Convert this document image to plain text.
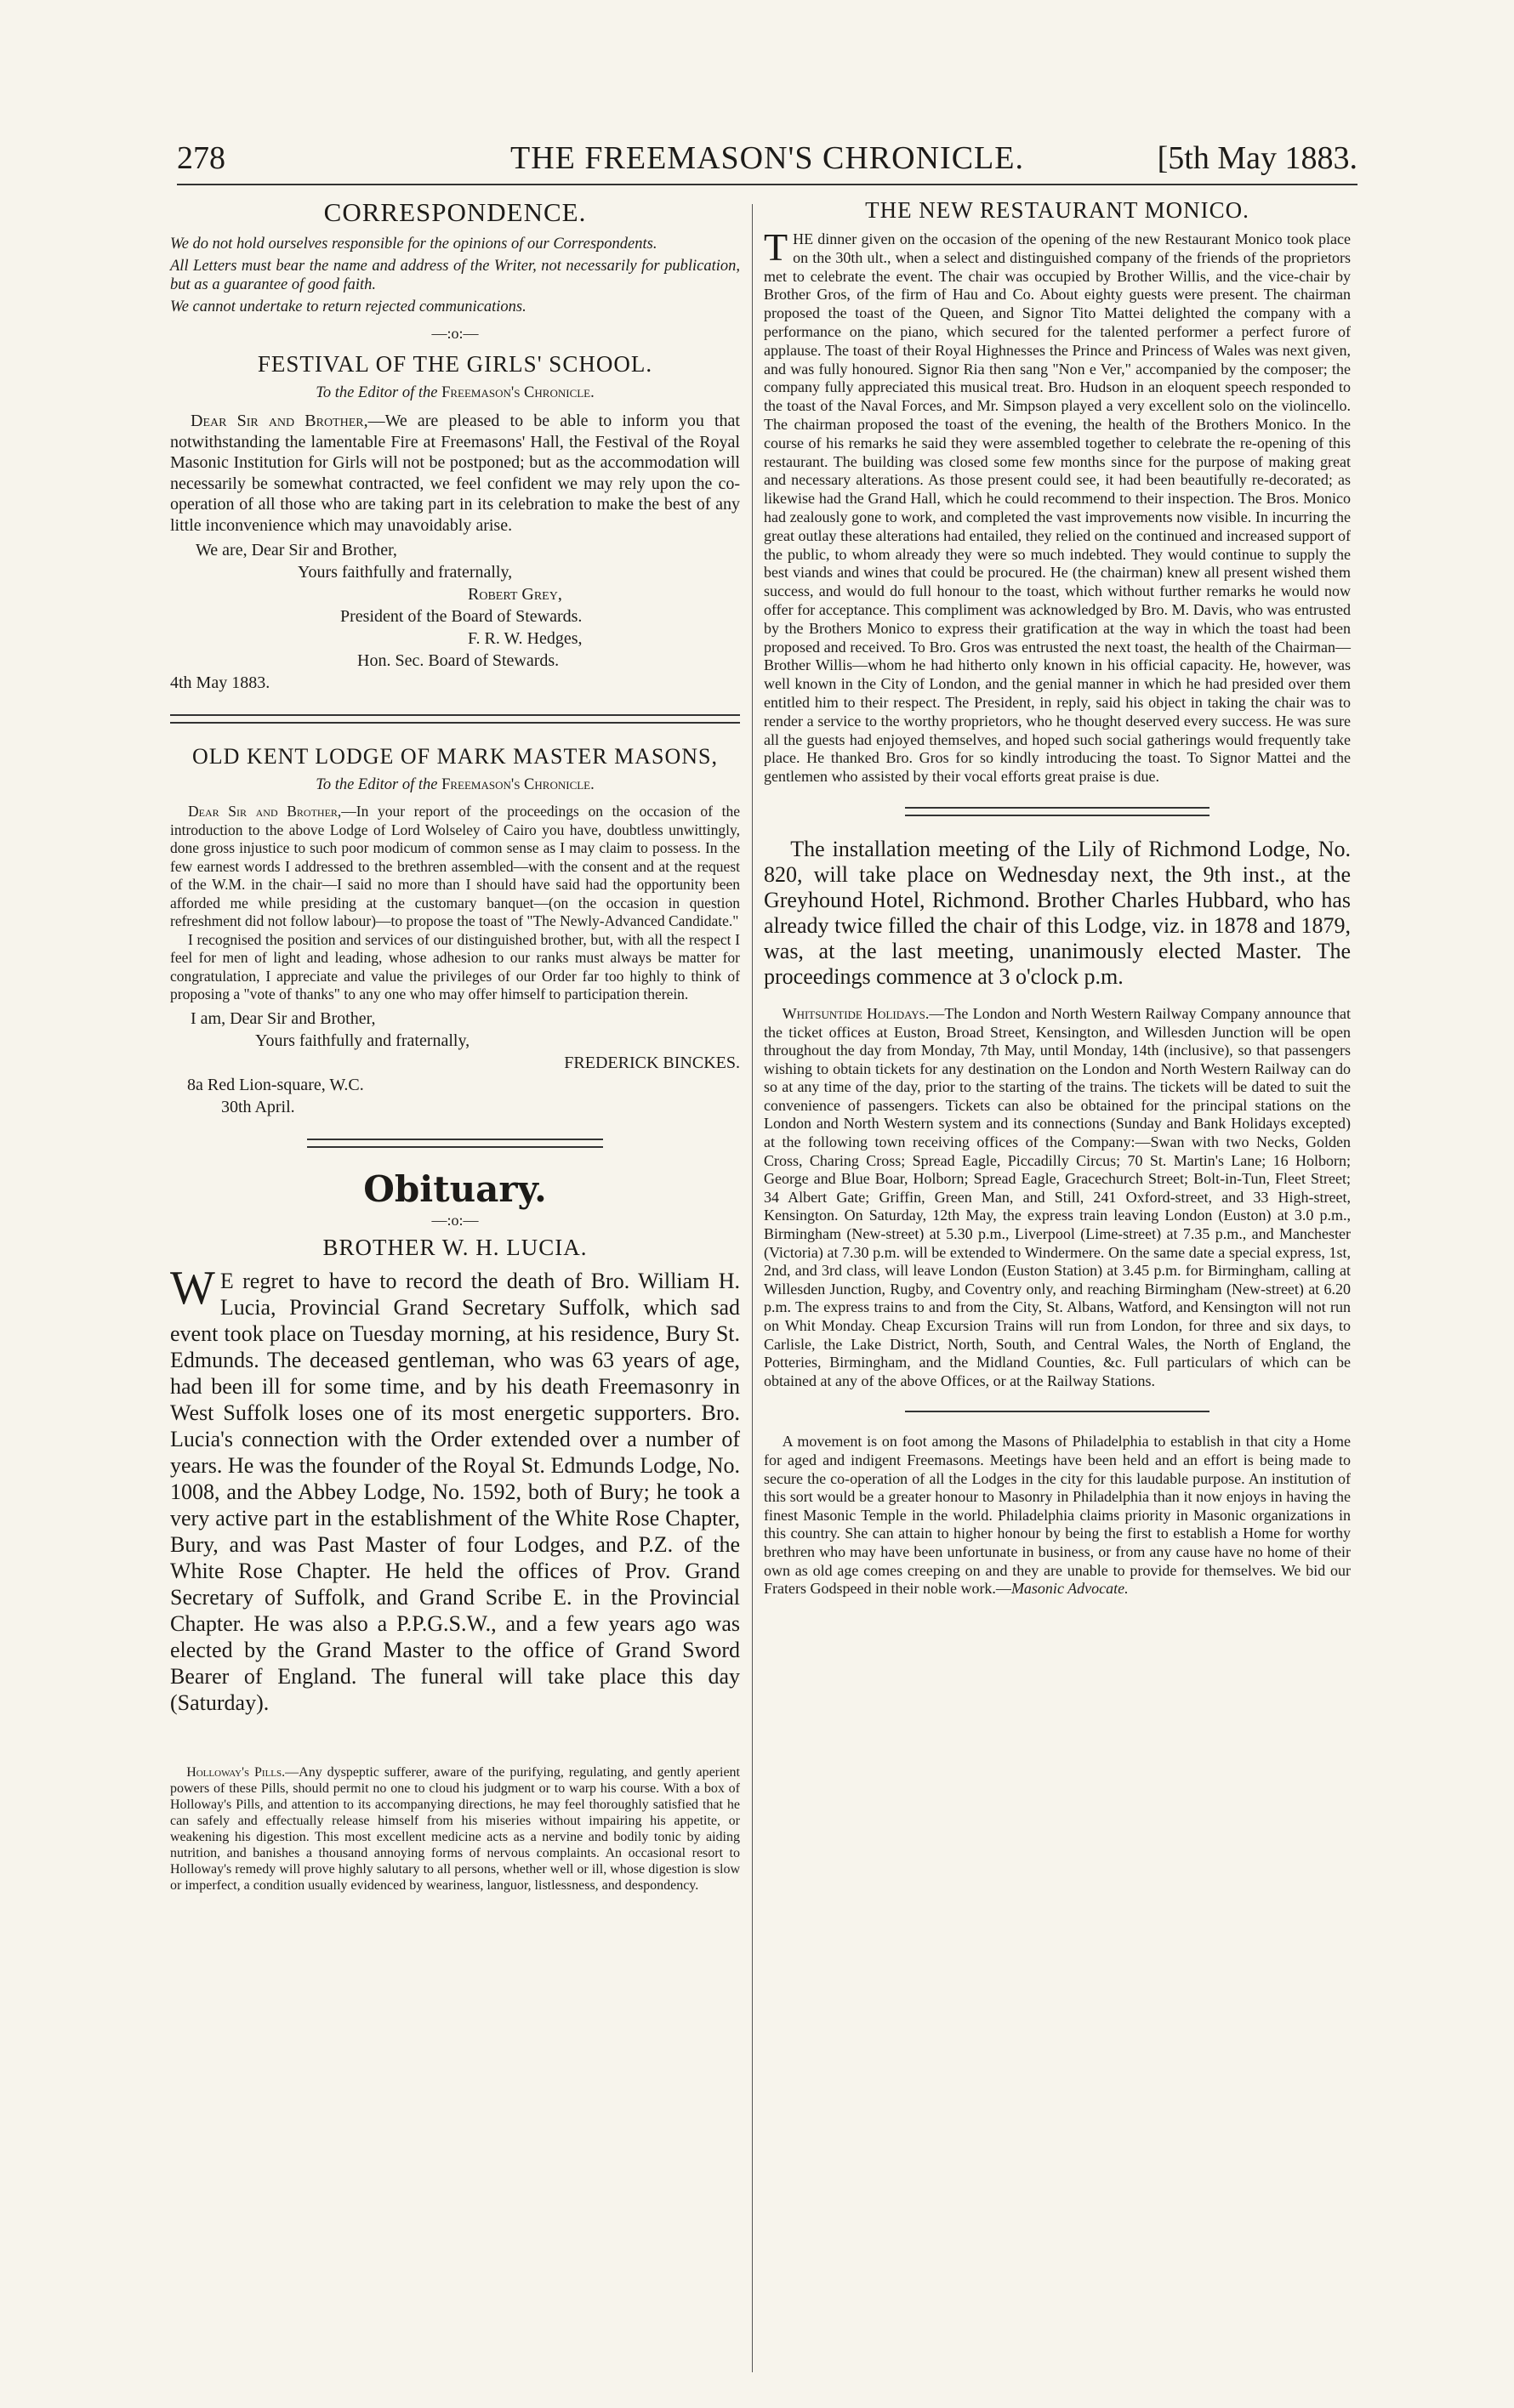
278	THE FREEMASON'S CHRONICLE.	[5th May 1883.
CORRESPONDENCE.

We do not hold ourselves responsible for the opinions of our Correspondents.

All Letters must bear the name and address of the Writer, not necessarily for publication, but as a guarantee of good faith.

We cannot undertake to return rejected communications.

—:o:—
FESTIVAL OF THE GIRLS' SCHOOL.
To the Editor of the Freemason's Chronicle.

Dear Sir and Brother,—We are pleased to be able to inform you that notwithstanding the lamentable Fire at Freemasons' Hall, the Festival of the Royal Masonic Institution for Girls will not be postponed; but as the accommodation will necessarily be somewhat contracted, we feel confident we may rely upon the co-operation of all those who are taking part in its celebration to make the best of any little inconvenience which may unavoidably arise.

We are, Dear Sir and Brother,
Yours faithfully and fraternally,
Robert Grey,
President of the Board of Stewards.
F. R. W. Hedges,
Hon. Sec. Board of Stewards.
4th May 1883.
OLD KENT LODGE OF MARK MASTER MASONS,
To the Editor of the Freemason's Chronicle.

Dear Sir and Brother,—In your report of the proceedings on the occasion of the introduction to the above Lodge of Lord Wolseley of Cairo you have, doubtless unwittingly, done gross injustice to such poor modicum of common sense as I may claim to possess. In the few earnest words I addressed to the brethren assembled—with the consent and at the request of the W.M. in the chair—I said no more than I should have said had the opportunity been afforded me while presiding at the customary banquet—(on the occasion in question refreshment did not follow labour)—to propose the toast of "The Newly-Advanced Candidate."

I recognised the position and services of our distinguished brother, but, with all the respect I feel for men of light and leading, whose adhesion to our ranks must always be matter for congratulation, I appreciate and value the privileges of our Order far too highly to think of proposing a "vote of thanks" to any one who may offer himself to participation therein.

I am, Dear Sir and Brother,
Yours faithfully and fraternally,
FREDERICK BINCKES.
8a Red Lion-square, W.C.
30th April.
Obituary.
—:o:—
BROTHER W. H. LUCIA.

W E regret to have to record the death of Bro. William H. Lucia, Provincial Grand Secretary Suffolk, which sad event took place on Tuesday morning, at his residence, Bury St. Edmunds. The deceased gentleman, who was 63 years of age, had been ill for some time, and by his death Freemasonry in West Suffolk loses one of its most energetic supporters. Bro. Lucia's connection with the Order extended over a number of years. He was the founder of the Royal St. Edmunds Lodge, No. 1008, and the Abbey Lodge, No. 1592, both of Bury; he took a very active part in the establishment of the White Rose Chapter, Bury, and was Past Master of four Lodges, and P.Z. of the White Rose Chapter. He held the offices of Prov. Grand Secretary of Suffolk, and Grand Scribe E. in the Provincial Chapter. He was also a P.P.G.S.W., and a few years ago was elected by the Grand Master to the office of Grand Sword Bearer of England. The funeral will take place this day (Saturday).

Holloway's Pills.—Any dyspeptic sufferer, aware of the purifying, regulating, and gently aperient powers of these Pills, should permit no one to cloud his judgment or to warp his course. With a box of Holloway's Pills, and attention to its accompanying directions, he may feel thoroughly satisfied that he can safely and effectually release himself from his miseries without impairing his appetite, or weakening his digestion. This most excellent medicine acts as a nervine and bodily tonic by aiding nutrition, and banishes a thousand annoying forms of nervous complaints. An occasional resort to Holloway's remedy will prove highly salutary to all persons, whether well or ill, whose digestion is slow or imperfect, a condition usually evidenced by weariness, languor, listlessness, and despondency.

THE NEW RESTAURANT MONICO.

THE dinner given on the occasion of the opening of the new Restaurant Monico took place on the 30th ult., when a select and distinguished company of the friends of the proprietors met to celebrate the event. The chair was occupied by Brother Willis, and the vice-chair by Brother Gros, of the firm of Hau and Co. About eighty guests were present. The chairman proposed the toast of the Queen, and Signor Tito Mattei delighted the company with a performance on the piano, which secured for the talented performer a perfect furore of applause. The toast of their Royal Highnesses the Prince and Princess of Wales was next given, and was fully honoured. Signor Ria then sang "Non e Ver," accompanied by the composer; the company fully appreciated this musical treat. Bro. Hudson in an eloquent speech responded to the toast of the Naval Forces, and Mr. Simpson played a very excellent solo on the violincello. The chairman proposed the toast of the evening, the health of the Brothers Monico. In the course of his remarks he said they were assembled together to celebrate the re-opening of this restaurant. The building was closed some few months since for the purpose of making great and necessary alterations. As those present could see, it had been beautifully re-decorated; as likewise had the Grand Hall, which he could recommend to their inspection. The Bros. Monico had zealously gone to work, and completed the vast improvements now visible. In incurring the great outlay these alterations had entailed, they relied on the continued and increased support of the public, to whom already they were so much indebted. They would continue to supply the best viands and wines that could be procured. He (the chairman) knew all present wished them success, and would do full honour to the toast, which without further remarks he would now offer for acceptance. This compliment was acknowledged by Bro. M. Davis, who was entrusted by the Brothers Monico to express their gratification at the way in which the toast had been proposed and received. To Bro. Gros was entrusted the next toast, the health of the Chairman—Brother Willis—whom he had hitherto only known in his official capacity. He, however, was well known in the City of London, and the genial manner in which he had presided over them entitled him to their respect. The President, in reply, said his object in taking the chair was to render a service to the worthy proprietors, who he thought deserved every success. He was sure all the guests had enjoyed themselves, and hoped such social gatherings would frequently take place. He thanked Bro. Gros for so kindly introducing the toast. To Signor Mattei and the gentlemen who assisted by their vocal efforts great praise is due.

The installation meeting of the Lily of Richmond Lodge, No. 820, will take place on Wednesday next, the 9th inst., at the Greyhound Hotel, Richmond. Brother Charles Hubbard, who has already twice filled the chair of this Lodge, viz. in 1878 and 1879, was, at the last meeting, unanimously elected Master. The proceedings commence at 3 o'clock p.m.

Whitsuntide Holidays.—The London and North Western Railway Company announce that the ticket offices at Euston, Broad Street, Kensington, and Willesden Junction will be open throughout the day from Monday, 7th May, until Monday, 14th (inclusive), so that passengers wishing to obtain tickets for any destination on the London and North Western Railway can do so at any time of the day, prior to the starting of the trains. The tickets will be dated to suit the convenience of passengers. Tickets can also be obtained for the principal stations on the London and North Western system and its connections (Sunday and Bank Holidays excepted) at the following town receiving offices of the Company:—Swan with two Necks, Golden Cross, Charing Cross; Spread Eagle, Piccadilly Circus; 70 St. Martin's Lane; 16 Holborn; George and Blue Boar, Holborn; Spread Eagle, Gracechurch Street; Bolt-in-Tun, Fleet Street; 34 Albert Gate; Griffin, Green Man, and Still, 241 Oxford-street, and 33 High-street, Kensington. On Saturday, 12th May, the express train leaving London (Euston) at 3.0 p.m., Birmingham (New-street) at 5.30 p.m., Liverpool (Lime-street) at 7.35 p.m., and Manchester (Victoria) at 7.30 p.m. will be extended to Windermere. On the same date a special express, 1st, 2nd, and 3rd class, will leave London (Euston Station) at 3.45 p.m. for Birmingham, calling at Willesden Junction, Rugby, and Coventry only, and reaching Birmingham (New-street) at 6.20 p.m. The express trains to and from the City, St. Albans, Watford, and Kensington will not run on Whit Monday. Cheap Excursion Trains will run from London, for three and six days, to Carlisle, the Lake District, North, South, and Central Wales, the North of England, the Potteries, Birmingham, and the Midland Counties, &c. Full particulars of which can be obtained at any of the above Offices, or at the Railway Stations.

A movement is on foot among the Masons of Philadelphia to establish in that city a Home for aged and indigent Freemasons. Meetings have been held and an effort is being made to secure the co-operation of all the Lodges in the city for this laudable purpose. An institution of this sort would be a greater honour to Masonry in Philadelphia than it now enjoys in having the finest Masonic Temple in the world. Philadelphia claims priority in Masonic organizations in this country. She can attain to higher honour by being the first to establish a Home for worthy brethren who may have been unfortunate in business, or from any cause have no home of their own as old age comes creeping on and they are unable to provide for themselves. We bid our Fraters Godspeed in their noble work.—Masonic Advocate.
